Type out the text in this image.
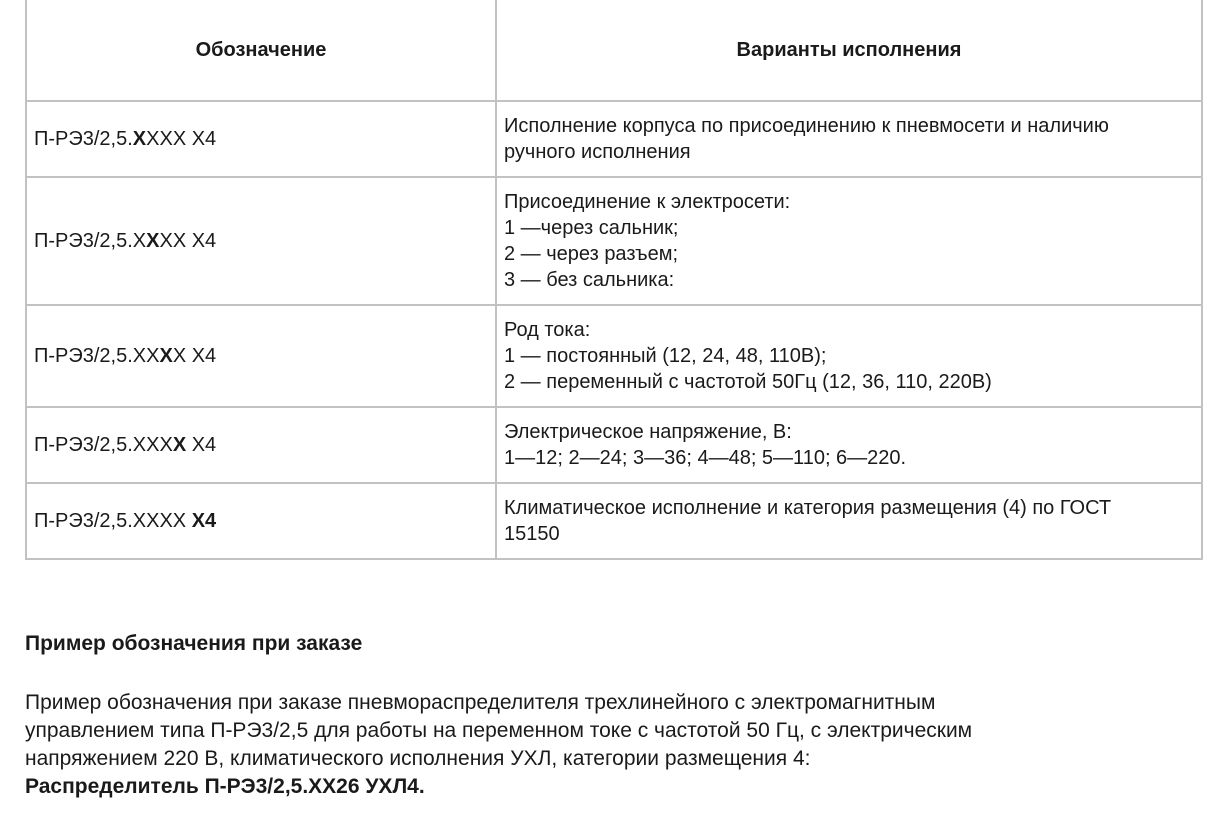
Обозначение	Варианты исполнения
П-РЭ3/2,5.ХХХХ Х4	Исполнение корпуса по присоединению к пневмосети и наличию
ручного исполнения

П-РЭ3/2,5.ХХХХ Х4	Присоединение к электросети:
1 —через сальник;
2 — через разъем;
3 — без сальника:

П-РЭ3/2,5.ХХХХ Х4	Род тока:
1 — постоянный (12, 24, 48, 110В);
2 — переменный с частотой 50Гц (12, 36, 110, 220В)

П-РЭ3/2,5.ХХХХ Х4	Электрическое напряжение, В:
1—12; 2—24; 3—36; 4—48; 5—110; 6—220.

П-РЭ3/2,5.ХХХХ Х4	Климатическое исполнение и категория размещения (4) по ГОСТ
15150
Пример обозначения при заказе

Пример обозначения при заказе пневмораспределителя трехлинейного с электромагнитным
управлением типа П-РЭ3/2,5 для работы на переменном токе с частотой 50 Гц, с электрическим
напряжением 220 В, климатического исполнения УХЛ, категории размещения 4:
Распределитель П-РЭ3/2,5.ХХ26 УХЛ4.
